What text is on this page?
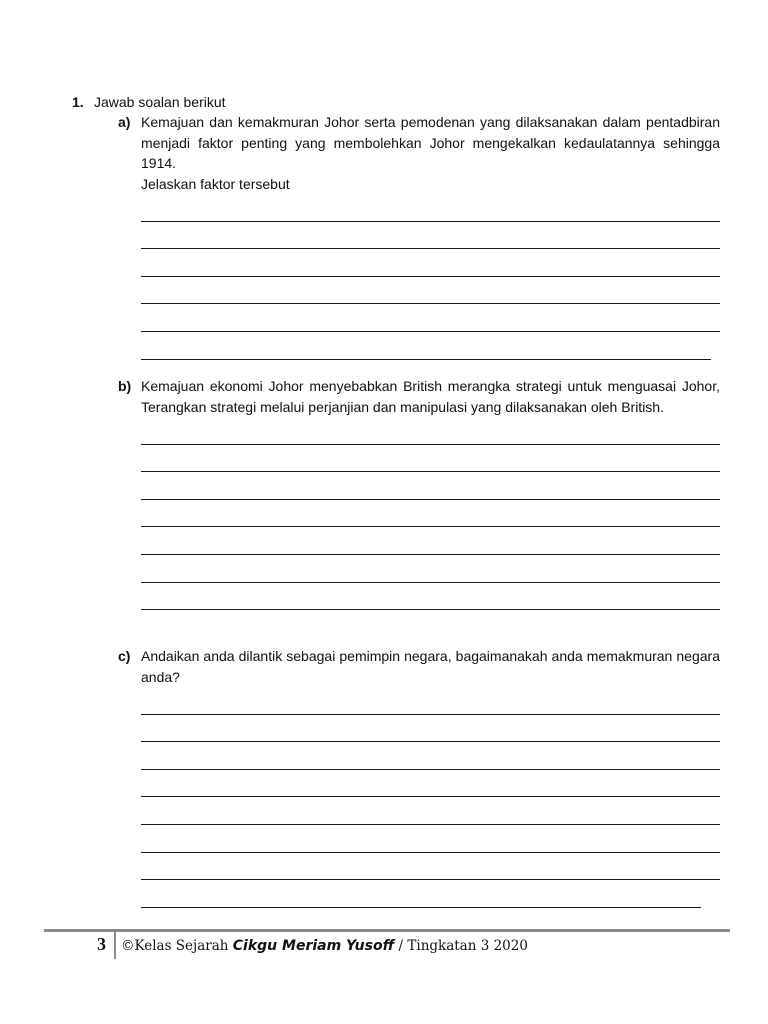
1. Jawab soalan berikut
a) Kemajuan dan kemakmuran Johor serta pemodenan yang dilaksanakan dalam pentadbiran menjadi faktor penting yang membolehkan Johor mengekalkan kedaulatannya sehingga 1914.
Jelaskan faktor tersebut
b) Kemajuan ekonomi Johor menyebabkan British merangka strategi untuk menguasai Johor, Terangkan strategi melalui perjanjian dan manipulasi yang dilaksanakan oleh British.
c) Andaikan anda dilantik sebagai pemimpin negara, bagaimanakah anda memakmuran negara anda?
3 ©Kelas Sejarah Cikgu Meriam Yusoff / Tingkatan 3 2020
